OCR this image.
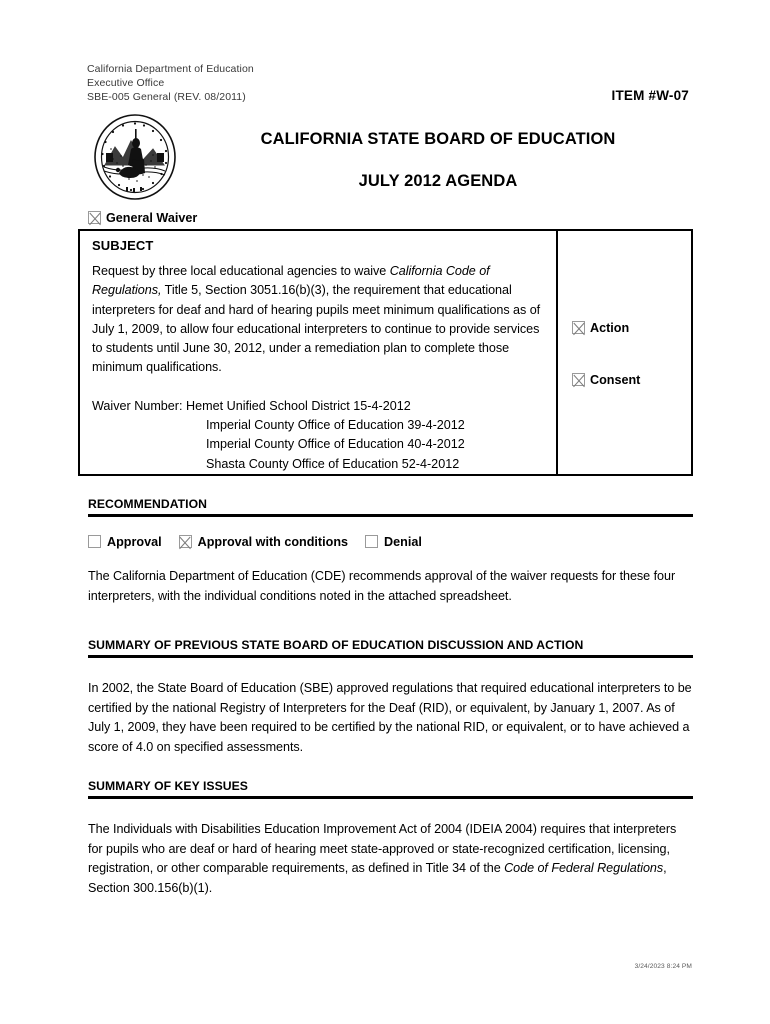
California Department of Education
Executive Office
SBE-005 General (REV. 08/2011)	ITEM #W-07
CALIFORNIA STATE BOARD OF EDUCATION
JULY 2012 AGENDA
General Waiver
SUBJECT
Request by three local educational agencies to waive California Code of Regulations, Title 5, Section 3051.16(b)(3), the requirement that educational interpreters for deaf and hard of hearing pupils meet minimum qualifications as of July 1, 2009, to allow four educational interpreters to continue to provide services to students until June 30, 2012, under a remediation plan to complete those minimum qualifications.
Waiver Number: Hemet Unified School District 15-4-2012
Imperial County Office of Education 39-4-2012
Imperial County Office of Education 40-4-2012
Shasta County Office of Education 52-4-2012
Action
Consent
RECOMMENDATION
Approval	Approval with conditions	Denial
The California Department of Education (CDE) recommends approval of the waiver requests for these four interpreters, with the individual conditions noted in the attached spreadsheet.
SUMMARY OF PREVIOUS STATE BOARD OF EDUCATION DISCUSSION AND ACTION
In 2002, the State Board of Education (SBE) approved regulations that required educational interpreters to be certified by the national Registry of Interpreters for the Deaf (RID), or equivalent, by January 1, 2007. As of July 1, 2009, they have been required to be certified by the national RID, or equivalent, or to have achieved a score of 4.0 on specified assessments.
SUMMARY OF KEY ISSUES
The Individuals with Disabilities Education Improvement Act of 2004 (IDEIA 2004) requires that interpreters for pupils who are deaf or hard of hearing meet state-approved or state-recognized certification, licensing, registration, or other comparable requirements, as defined in Title 34 of the Code of Federal Regulations, Section 300.156(b)(1).
3/24/2023 8:24 PM
